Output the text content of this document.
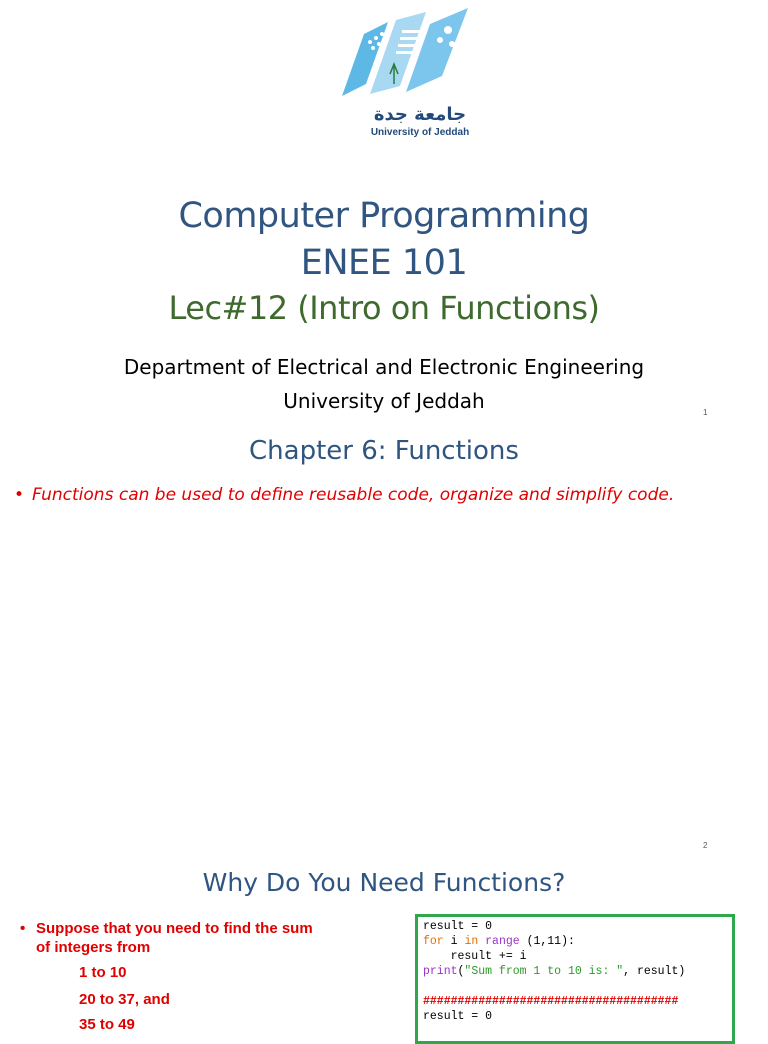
جامعة جدة
University of Jeddah
Computer Programming
ENEE 101
Lec#12 (Intro on Functions)
Department of Electrical and Electronic Engineering
University of Jeddah	1
Chapter 6: Functions
• Functions can be used to define reusable code, organize and simplify code.
2
Why Do You Need Functions?
• Suppose that you need to find the sum of integers from
1 to 10
20 to 37, and
35 to 49
result = 0
for i in range (1,11):
result += i
print("Sum from 1 to 10 is: ", result)
#####################################
result = 0
